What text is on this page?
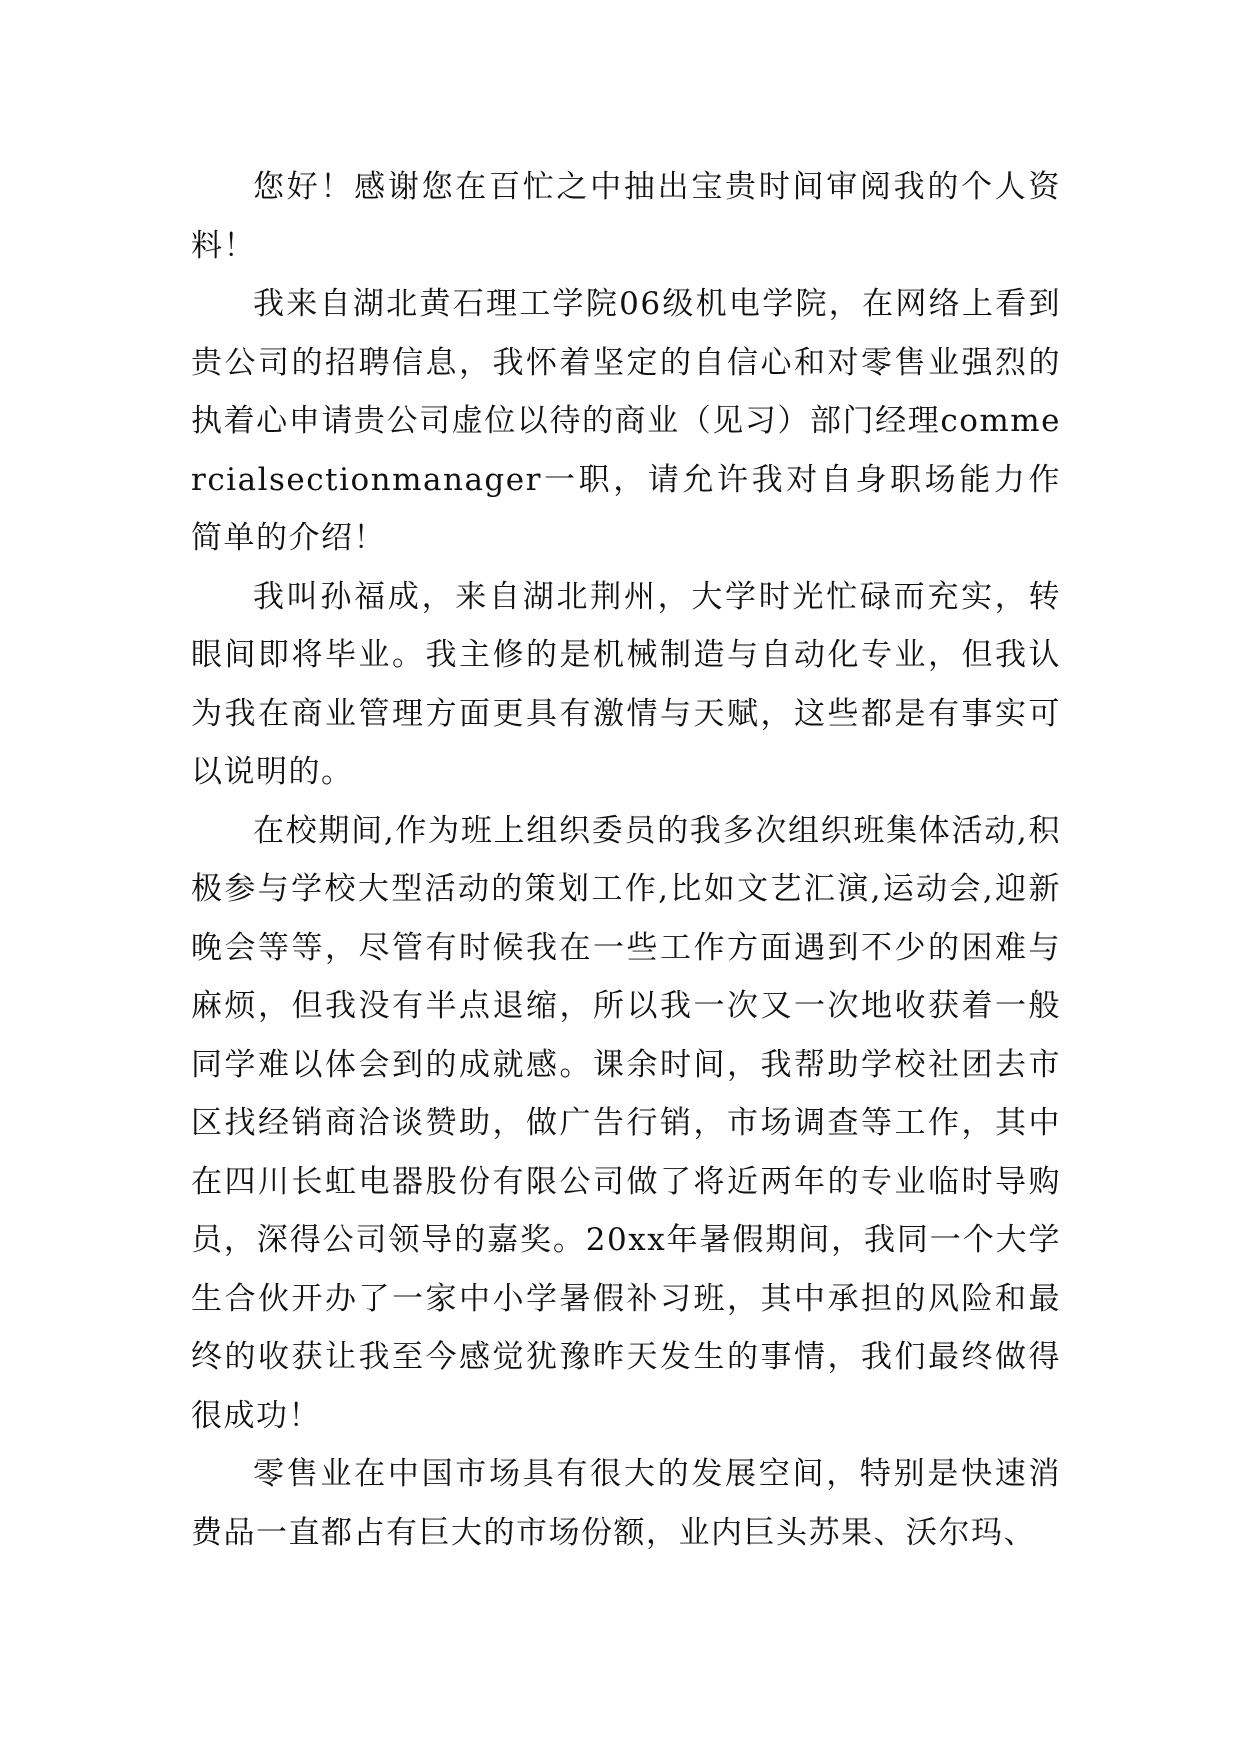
您好！感谢您在百忙之中抽出宝贵时间审阅我的个人资料！

我来自湖北黄石理工学院06级机电学院，在网络上看到贵公司的招聘信息，我怀着坚定的自信心和对零售业强烈的执着心申请贵公司虚位以待的商业（见习）部门经理commercialsectionmanager一职，请允许我对自身职场能力作简单的介绍！

我叫孙福成，来自湖北荆州，大学时光忙碌而充实，转眼间即将毕业。我主修的是机械制造与自动化专业，但我认为我在商业管理方面更具有激情与天赋，这些都是有事实可以说明的。

在校期间,作为班上组织委员的我多次组织班集体活动,积极参与学校大型活动的策划工作,比如文艺汇演,运动会,迎新晚会等等，尽管有时候我在一些工作方面遇到不少的困难与麻烦，但我没有半点退缩，所以我一次又一次地收获着一般同学难以体会到的成就感。课余时间，我帮助学校社团去市区找经销商洽谈赞助，做广告行销，市场调查等工作，其中在四川长虹电器股份有限公司做了将近两年的专业临时导购员，深得公司领导的嘉奖。20xx年暑假期间，我同一个大学生合伙开办了一家中小学暑假补习班，其中承担的风险和最终的收获让我至今感觉犹豫昨天发生的事情，我们最终做得很成功！

零售业在中国市场具有很大的发展空间，特别是快速消费品一直都占有巨大的市场份额，业内巨头苏果、沃尔玛、
